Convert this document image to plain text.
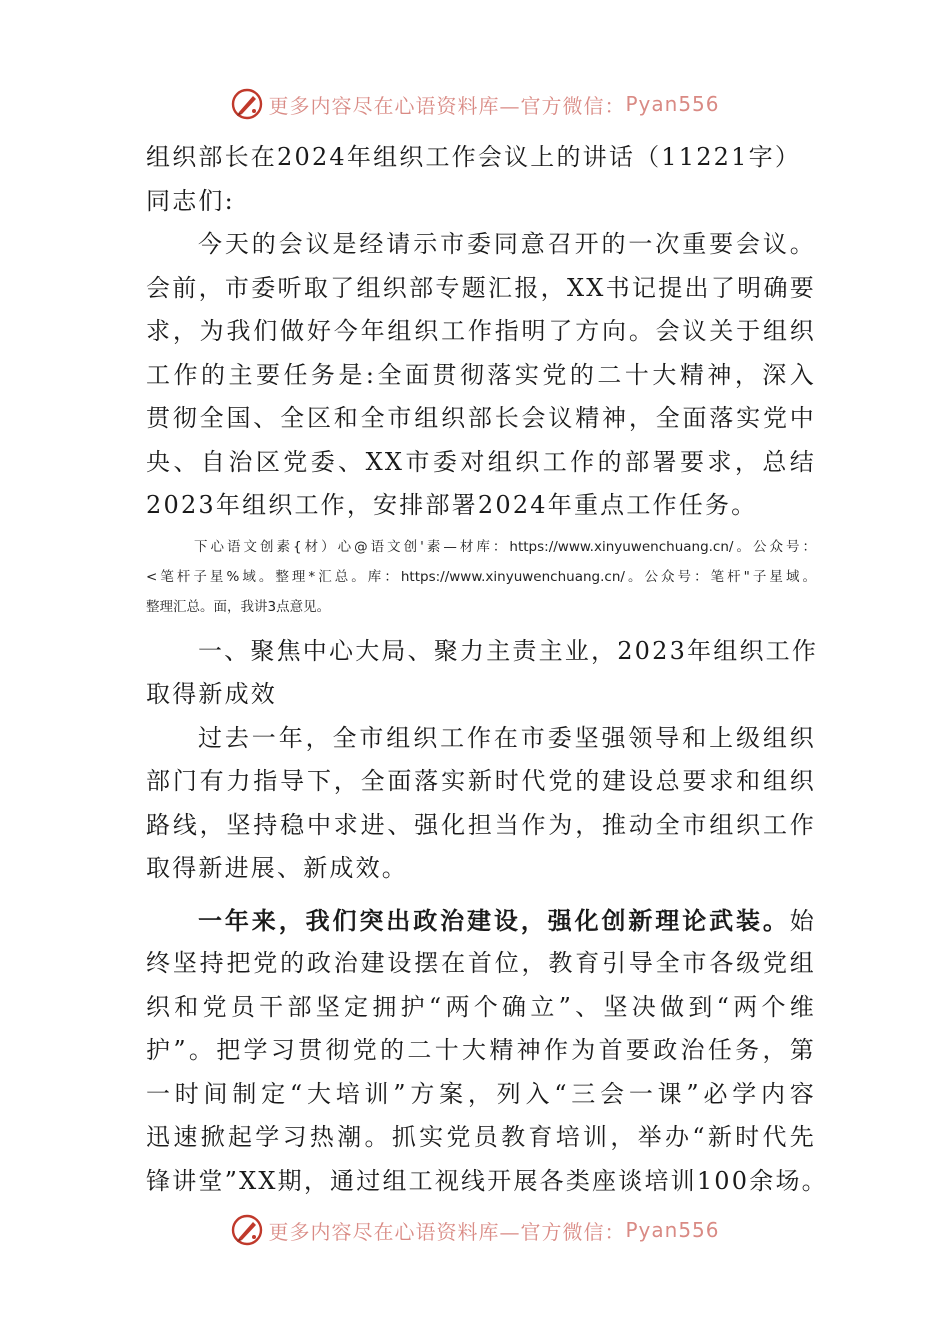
更多内容尽在心语资料库—官方微信： Pyan556
组织部长在2024年组织工作会议上的讲话（11221字）
同志们:
今天的会议是经请示市委同意召开的一次重要会议。
会前，市委听取了组织部专题汇报，XX书记提出了明确要
求，为我们做好今年组织工作指明了方向。会议关于组织
工作的主要任务是:全面贯彻落实党的二十大精神，深入
贯彻全国、全区和全市组织部长会议精神，全面落实党中
央、自治区党委、XX市委对组织工作的部署要求，总结
2023年组织工作，安排部署2024年重点工作任务。
下心语文创素{材）心@语文创'素—材库：https://www.xinyuwenchuang.cn/。公众号：
<笔杆子星%域。整理*汇总。库：https://www.xinyuwenchuang.cn/。公众号：笔杆"子星域。
整理汇总。面，我讲3点意见。
一、聚焦中心大局、聚力主责主业，2023年组织工作
取得新成效
过去一年，全市组织工作在市委坚强领导和上级组织
部门有力指导下，全面落实新时代党的建设总要求和组织
路线，坚持稳中求进、强化担当作为，推动全市组织工作
取得新进展、新成效。
一年来，我们突出政治建设，强化创新理论武装。始
终坚持把党的政治建设摆在首位，教育引导全市各级党组
织和党员干部坚定拥护“两个确立”、坚决做到“两个维
护”。把学习贯彻党的二十大精神作为首要政治任务，第
一时间制定“大培训”方案，列入“三会一课”必学内容
迅速掀起学习热潮。抓实党员教育培训，举办“新时代先
锋讲堂”XX期，通过组工视线开展各类座谈培训100余场。
更多内容尽在心语资料库—官方微信： Pyan556
